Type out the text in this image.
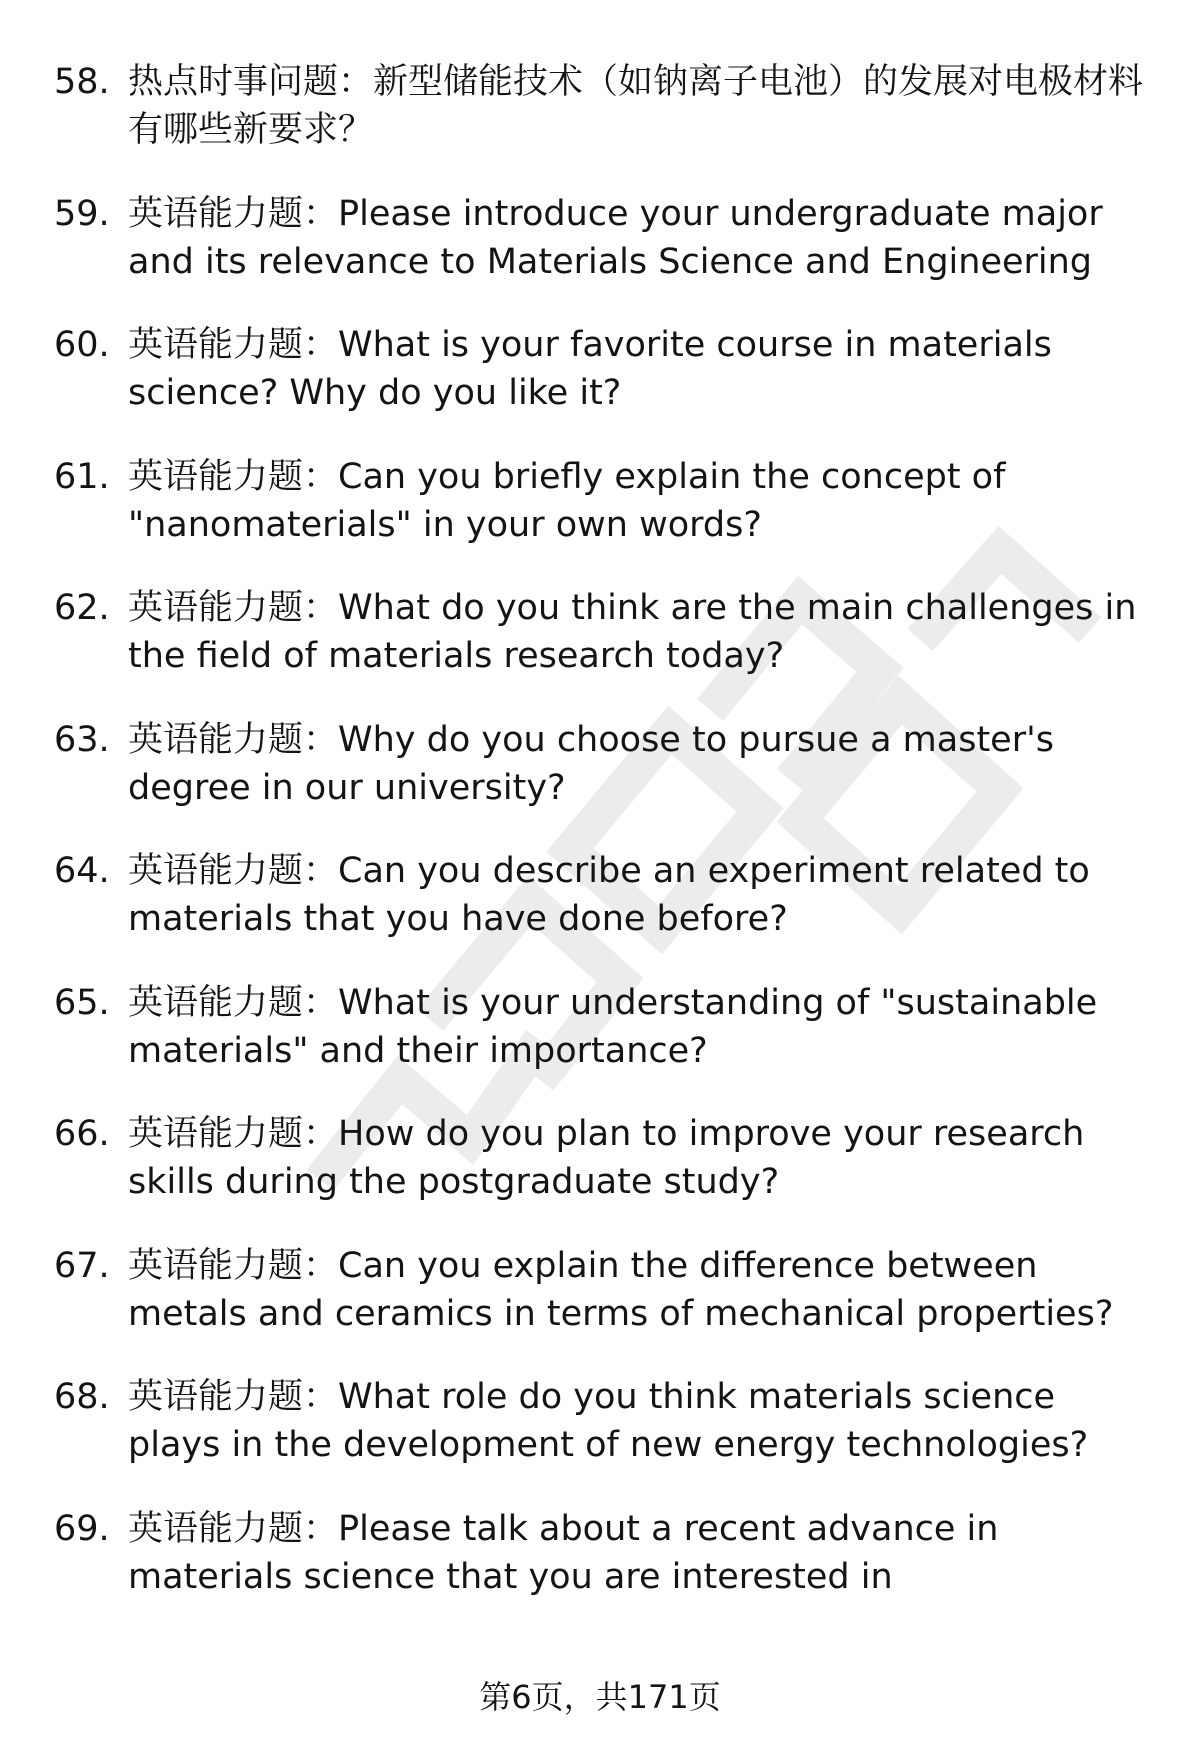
58. 热点时事问题：新型储能技术（如钠离子电池）的发展对电极材料有哪些新要求？
59. 英语能力题：Please introduce your undergraduate major and its relevance to Materials Science and Engineering
60. 英语能力题：What is your favorite course in materials science? Why do you like it?
61. 英语能力题：Can you briefly explain the concept of "nanomaterials" in your own words?
62. 英语能力题：What do you think are the main challenges in the field of materials research today?
63. 英语能力题：Why do you choose to pursue a master's degree in our university?
64. 英语能力题：Can you describe an experiment related to materials that you have done before?
65. 英语能力题：What is your understanding of "sustainable materials" and their importance?
66. 英语能力题：How do you plan to improve your research skills during the postgraduate study?
67. 英语能力题：Can you explain the difference between metals and ceramics in terms of mechanical properties?
68. 英语能力题：What role do you think materials science plays in the development of new energy technologies?
69. 英语能力题：Please talk about a recent advance in materials science that you are interested in
第6页，共171页
